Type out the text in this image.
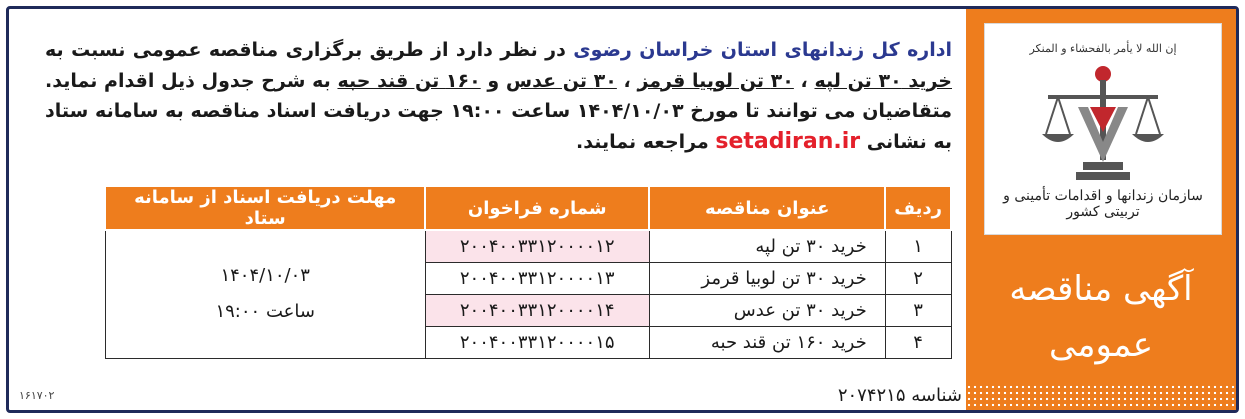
إن الله لا یأمر بالفحشاء و المنکر
سازمان زندانها و اقدامات تأمینی و تربیتی کشور
آگهی مناقصه
عمومی

اداره کل زندانهای استان خراسان رضوی در نظر دارد از طریق برگزاری مناقصه عمومی نسبت به خرید ۳۰ تن لپه ، ۳۰ تن لوبیا قرمز ، ۳۰ تن عدس و ۱۶۰ تن قند حبه به شرح جدول ذیل اقدام نماید. متقاضیان می توانند تا مورخ ۱۴۰۴/۱۰/۰۳ ساعت ۱۹:۰۰ جهت دریافت اسناد مناقصه به سامانه ستاد به نشانی setadiran.ir مراجعه نمایند.

ردیف	عنوان مناقصه	شماره فراخوان	مهلت دریافت اسناد از سامانه ستاد
۱	خرید ۳۰ تن لپه	۲۰۰۴۰۰۳۳۱۲۰۰۰۰۱۲	۱۴۰۴/۱۰/۰۳
ساعت ۱۹:۰۰

۲	خرید ۳۰ تن لوبیا قرمز	۲۰۰۴۰۰۳۳۱۲۰۰۰۰۱۳	
۳	خرید ۳۰ تن عدس	۲۰۰۴۰۰۳۳۱۲۰۰۰۰۱۴	
۴	خرید ۱۶۰ تن قند حبه	۲۰۰۴۰۰۳۳۱۲۰۰۰۰۱۵	
شناسه ۲۰۷۴۲۱۵
۱۶۱۷۰۲
